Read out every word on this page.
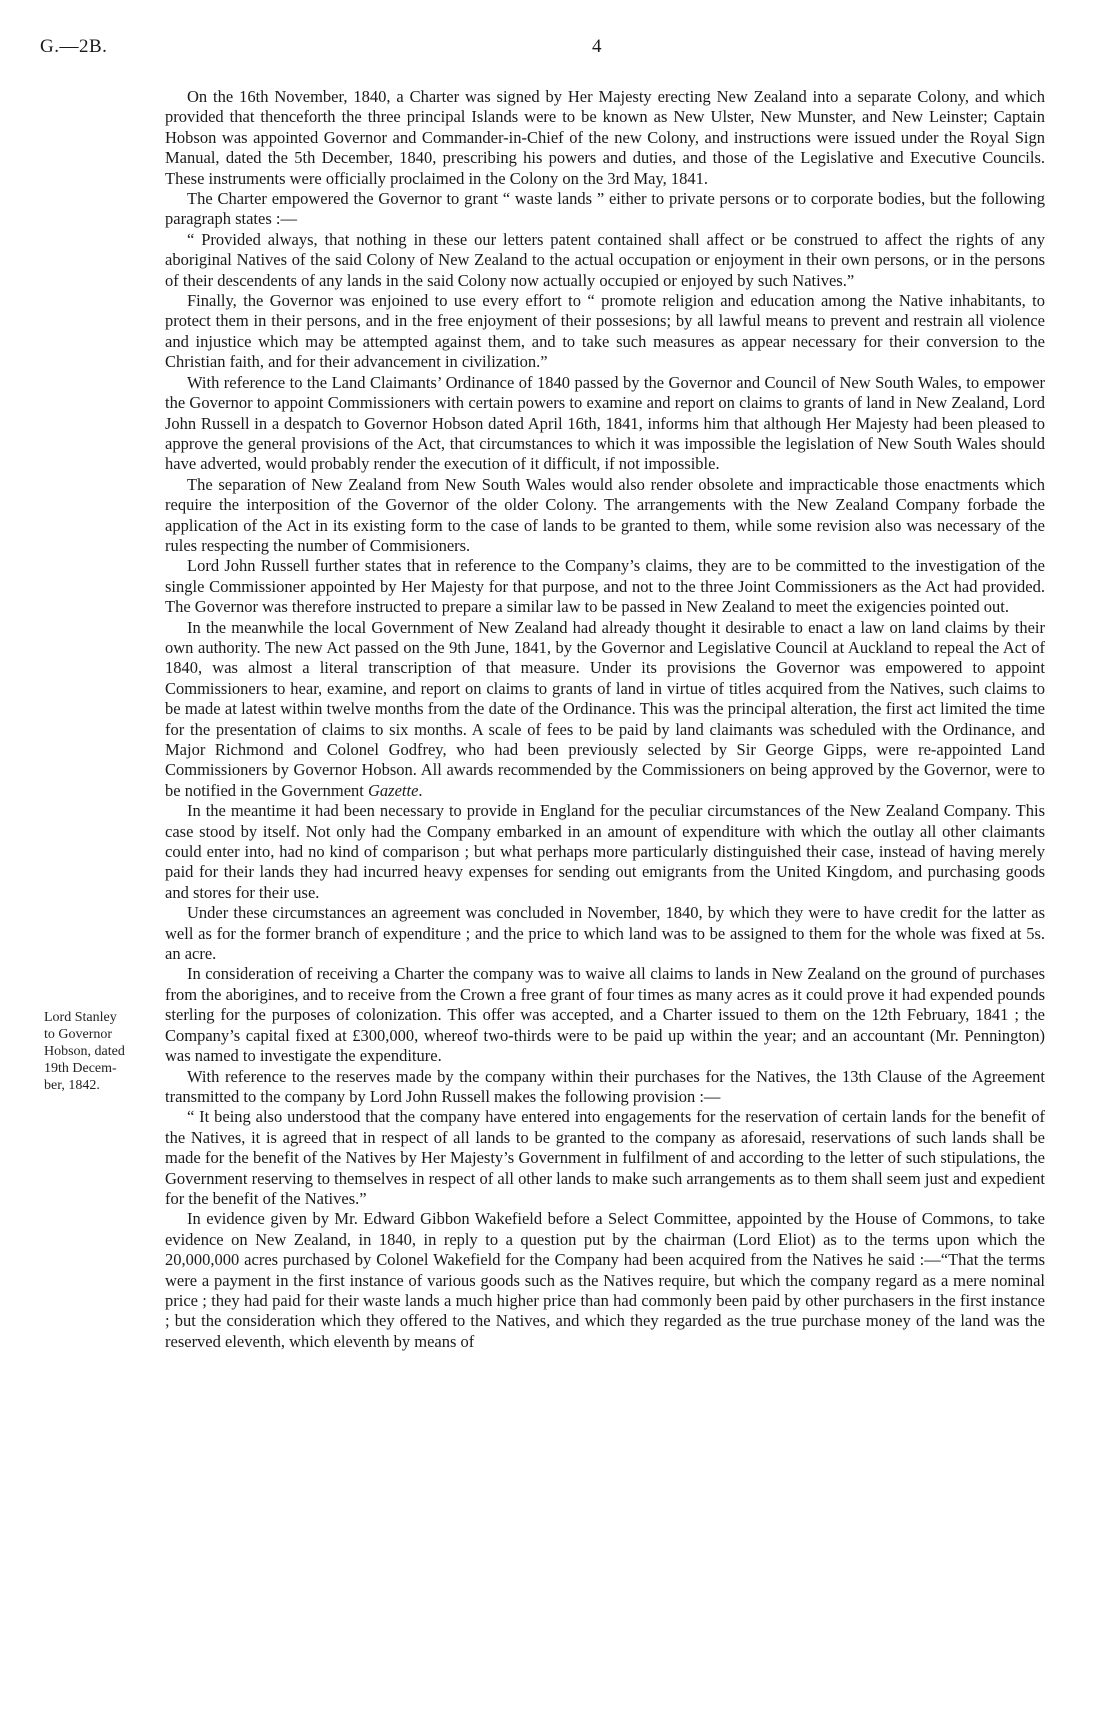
G.—2B.	4
Lord Stanley
to Governor
Hobson, dated
19th Decem-
ber, 1842.

On the 16th November, 1840, a Charter was signed by Her Majesty erecting New Zealand into a separate Colony, and which provided that thenceforth the three principal Islands were to be known as New Ulster, New Munster, and New Leinster; Captain Hobson was appointed Governor and Commander-in-Chief of the new Colony, and instructions were issued under the Royal Sign Manual, dated the 5th December, 1840, prescribing his powers and duties, and those of the Legislative and Executive Councils. These instruments were officially proclaimed in the Colony on the 3rd May, 1841.

The Charter empowered the Governor to grant “ waste lands ” either to private persons or to corporate bodies, but the following paragraph states :—

“ Provided always, that nothing in these our letters patent contained shall affect or be construed to affect the rights of any aboriginal Natives of the said Colony of New Zealand to the actual occupation or enjoyment in their own persons, or in the persons of their descendents of any lands in the said Colony now actually occupied or enjoyed by such Natives.”

Finally, the Governor was enjoined to use every effort to “ promote religion and education among the Native inhabitants, to protect them in their persons, and in the free enjoyment of their possesions; by all lawful means to prevent and restrain all violence and injustice which may be attempted against them, and to take such measures as appear necessary for their conversion to the Christian faith, and for their advancement in civilization.”

With reference to the Land Claimants’ Ordinance of 1840 passed by the Governor and Council of New South Wales, to empower the Governor to appoint Commissioners with certain powers to examine and report on claims to grants of land in New Zealand, Lord John Russell in a despatch to Governor Hobson dated April 16th, 1841, informs him that although Her Majesty had been pleased to approve the general provisions of the Act, that circumstances to which it was impossible the legislation of New South Wales should have adverted, would probably render the execution of it difficult, if not impossible.

The separation of New Zealand from New South Wales would also render obsolete and impracticable those enactments which require the interposition of the Governor of the older Colony. The arrangements with the New Zealand Company forbade the application of the Act in its existing form to the case of lands to be granted to them, while some revision also was necessary of the rules respecting the number of Commisioners.

Lord John Russell further states that in reference to the Company’s claims, they are to be committed to the investigation of the single Commissioner appointed by Her Majesty for that purpose, and not to the three Joint Commissioners as the Act had provided. The Governor was therefore instructed to prepare a similar law to be passed in New Zealand to meet the exigencies pointed out.

In the meanwhile the local Government of New Zealand had already thought it desirable to enact a law on land claims by their own authority. The new Act passed on the 9th June, 1841, by the Governor and Legislative Council at Auckland to repeal the Act of 1840, was almost a literal transcription of that measure. Under its provisions the Governor was empowered to appoint Commissioners to hear, examine, and report on claims to grants of land in virtue of titles acquired from the Natives, such claims to be made at latest within twelve months from the date of the Ordinance. This was the principal alteration, the first act limited the time for the presentation of claims to six months. A scale of fees to be paid by land claimants was scheduled with the Ordinance, and Major Richmond and Colonel Godfrey, who had been previously selected by Sir George Gipps, were re-appointed Land Commissioners by Governor Hobson. All awards recommended by the Commissioners on being approved by the Governor, were to be notified in the Government Gazette.

In the meantime it had been necessary to provide in England for the peculiar circumstances of the New Zealand Company. This case stood by itself. Not only had the Company embarked in an amount of expenditure with which the outlay all other claimants could enter into, had no kind of comparison ; but what perhaps more particularly distinguished their case, instead of having merely paid for their lands they had incurred heavy expenses for sending out emigrants from the United Kingdom, and purchasing goods and stores for their use.

Under these circumstances an agreement was concluded in November, 1840, by which they were to have credit for the latter as well as for the former branch of expenditure ; and the price to which land was to be assigned to them for the whole was fixed at 5s. an acre.

In consideration of receiving a Charter the company was to waive all claims to lands in New Zealand on the ground of purchases from the aborigines, and to receive from the Crown a free grant of four times as many acres as it could prove it had expended pounds sterling for the purposes of colonization. This offer was accepted, and a Charter issued to them on the 12th February, 1841 ; the Company’s capital fixed at £300,000, whereof two-thirds were to be paid up within the year; and an accountant (Mr. Pennington) was named to investigate the expenditure.

With reference to the reserves made by the company within their purchases for the Natives, the 13th Clause of the Agreement transmitted to the company by Lord John Russell makes the following provision :—

“ It being also understood that the company have entered into engagements for the reservation of certain lands for the benefit of the Natives, it is agreed that in respect of all lands to be granted to the company as aforesaid, reservations of such lands shall be made for the benefit of the Natives by Her Majesty’s Government in fulfilment of and according to the letter of such stipulations, the Government reserving to themselves in respect of all other lands to make such arrangements as to them shall seem just and expedient for the benefit of the Natives.”

In evidence given by Mr. Edward Gibbon Wakefield before a Select Committee, appointed by the House of Commons, to take evidence on New Zealand, in 1840, in reply to a question put by the chairman (Lord Eliot) as to the terms upon which the 20,000,000 acres purchased by Colonel Wakefield for the Company had been acquired from the Natives he said :—“That the terms were a payment in the first instance of various goods such as the Natives require, but which the company regard as a mere nominal price ; they had paid for their waste lands a much higher price than had commonly been paid by other purchasers in the first instance ; but the consideration which they offered to the Natives, and which they regarded as the true purchase money of the land was the reserved eleventh, which eleventh by means of
